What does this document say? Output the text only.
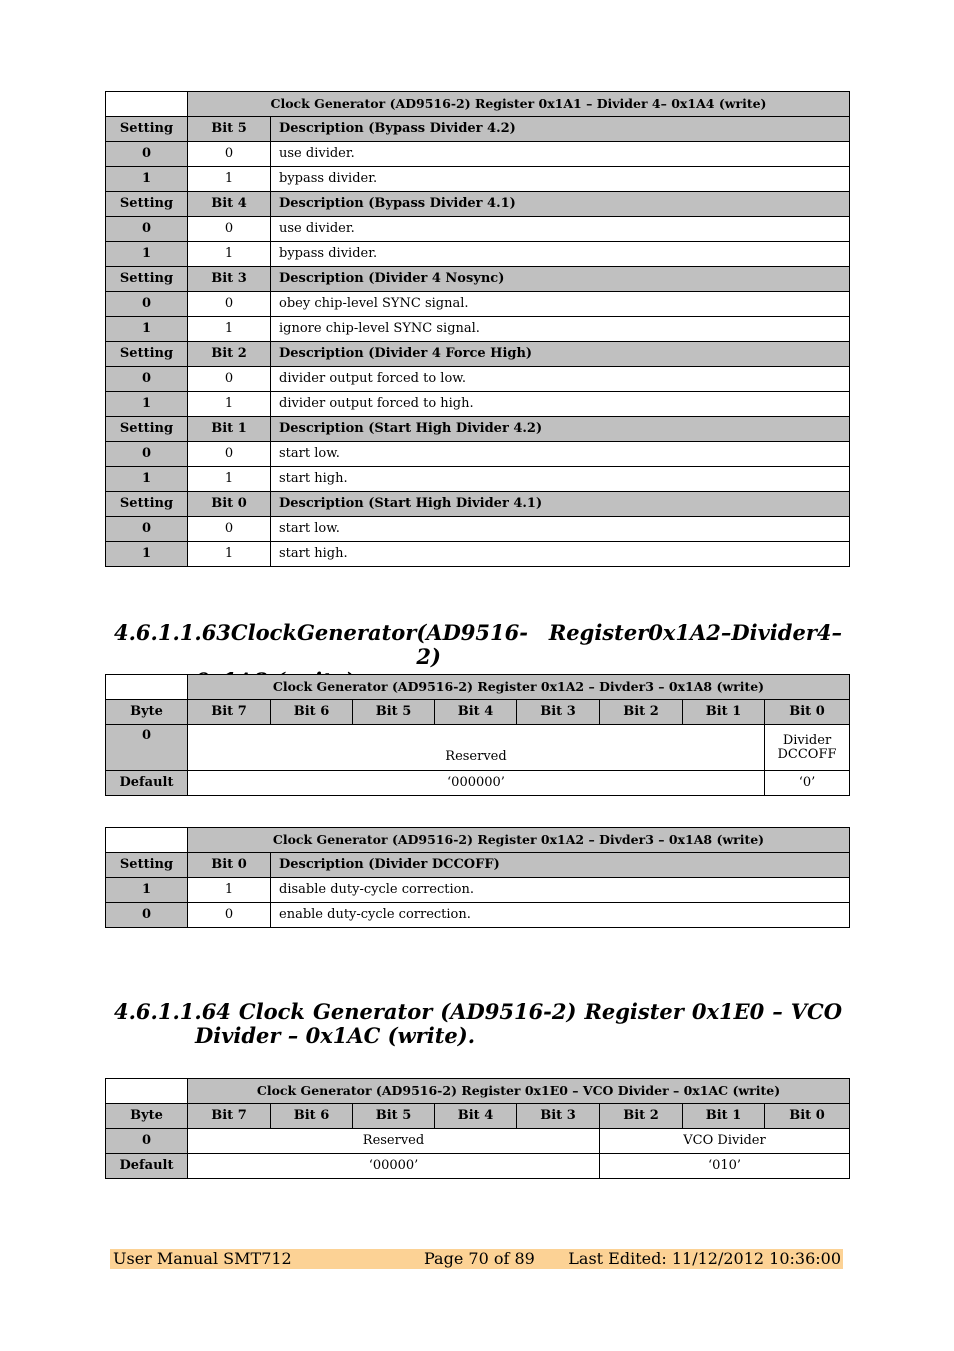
	Clock Generator (AD9516-2) Register 0x1A1 – Divider 4– 0x1A4 (write)	
Setting	Bit 5	Description (Bypass Divider 4.2)
0	0	use divider.
1	1	bypass divider.
Setting	Bit 4	Description (Bypass Divider 4.1)
0	0	use divider.
1	1	bypass divider.
Setting	Bit 3	Description (Divider 4 Nosync)
0	0	obey chip-level SYNC signal.
1	1	ignore chip-level SYNC signal.
Setting	Bit 2	Description (Divider 4 Force High)
0	0	divider output forced to low.
1	1	divider output forced to high.
Setting	Bit 1	Description (Start High Divider 4.2)
0	0	start low.
1	1	start high.
Setting	Bit 0	Description (Start High Divider 4.1)
0	0	start low.
1	1	start high.
4.6.1.1.63 Clock Generator (AD9516-2)
Register 0x1A2 – Divider4 –
	Clock Generator (AD9516-2) Register 0x1A2 – Divder3 – 0x1A8 (write)							
Byte	Bit 7	Bit 6	Bit 5	Bit 4	Bit 3	Bit 2	Bit 1	Bit 0
0	Reserved							Divider
DCCOFF

Default	‘000000’							‘0’
	Clock Generator (AD9516-2) Register 0x1A2 – Divder3 – 0x1A8 (write)	
Setting	Bit 0	Description (Divider DCCOFF)
1	1	disable duty-cycle correction.
0	0	enable duty-cycle correction.
4.6.1.1.64 Clock Generator (AD9516-2) Register 0x1E0 – VCO
Divider – 0x1AC (write).
	Clock Generator (AD9516-2) Register 0x1E0 – VCO Divider – 0x1AC (write)							
Byte	Bit 7	Bit 6	Bit 5	Bit 4	Bit 3	Bit 2	Bit 1	Bit 0
0	Reserved					VCO Divider		
Default	‘00000’					‘010’		
User Manual SMT712	Page 70 of 89 Last Edited: 11/12/2012 10:36:00
